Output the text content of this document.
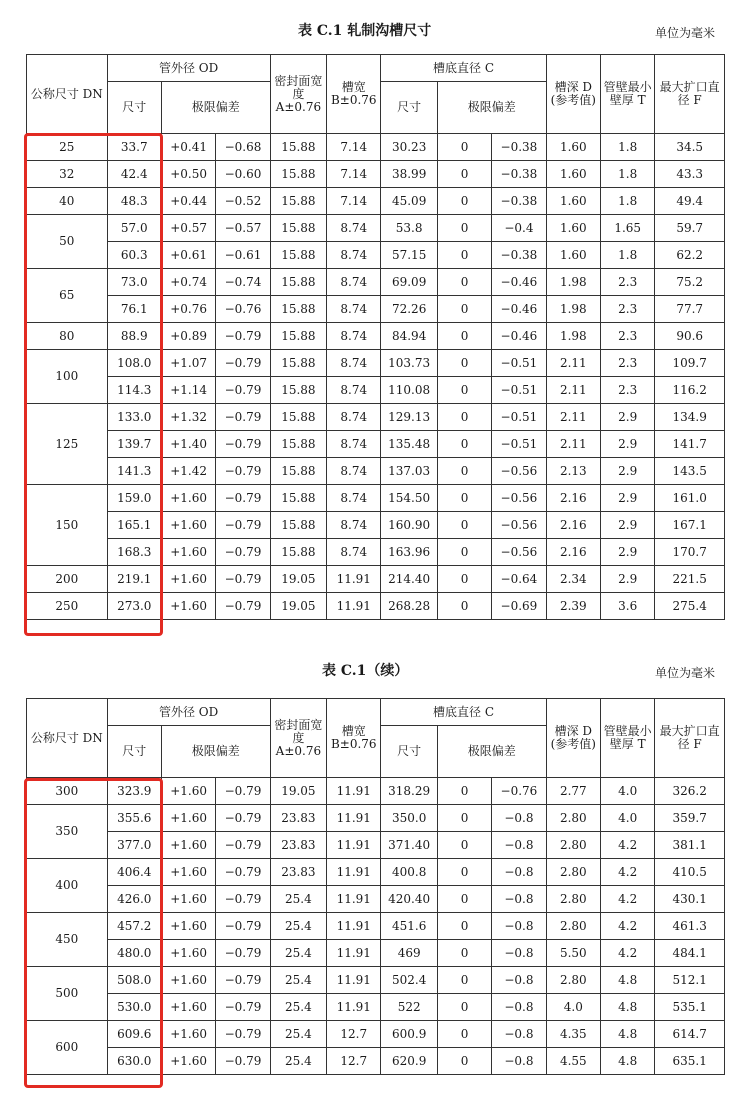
表 C.1 轧制沟槽尺寸	单位为毫米
公称尺寸 DN	管外径 OD			密封面宽度 A±0.76	槽宽 B±0.76	槽底直径 C			槽深 D (参考值)	管壁最小壁厚 T	最大扩口直径 F
	尺寸	极限偏差				尺寸	极限偏差				
25	33.7	+0.41	−0.68	15.88	7.14	30.23	0	−0.38	1.60	1.8	34.5
32	42.4	+0.50	−0.60	15.88	7.14	38.99	0	−0.38	1.60	1.8	43.3
40	48.3	+0.44	−0.52	15.88	7.14	45.09	0	−0.38	1.60	1.8	49.4
50	57.0	+0.57	−0.57	15.88	8.74	53.8	0	−0.4	1.60	1.65	59.7
	60.3	+0.61	−0.61	15.88	8.74	57.15	0	−0.38	1.60	1.8	62.2
65	73.0	+0.74	−0.74	15.88	8.74	69.09	0	−0.46	1.98	2.3	75.2
	76.1	+0.76	−0.76	15.88	8.74	72.26	0	−0.46	1.98	2.3	77.7
80	88.9	+0.89	−0.79	15.88	8.74	84.94	0	−0.46	1.98	2.3	90.6
100	108.0	+1.07	−0.79	15.88	8.74	103.73	0	−0.51	2.11	2.3	109.7
	114.3	+1.14	−0.79	15.88	8.74	110.08	0	−0.51	2.11	2.3	116.2
125	133.0	+1.32	−0.79	15.88	8.74	129.13	0	−0.51	2.11	2.9	134.9
	139.7	+1.40	−0.79	15.88	8.74	135.48	0	−0.51	2.11	2.9	141.7
	141.3	+1.42	−0.79	15.88	8.74	137.03	0	−0.56	2.13	2.9	143.5
150	159.0	+1.60	−0.79	15.88	8.74	154.50	0	−0.56	2.16	2.9	161.0
	165.1	+1.60	−0.79	15.88	8.74	160.90	0	−0.56	2.16	2.9	167.1
	168.3	+1.60	−0.79	15.88	8.74	163.96	0	−0.56	2.16	2.9	170.7
200	219.1	+1.60	−0.79	19.05	11.91	214.40	0	−0.64	2.34	2.9	221.5
250	273.0	+1.60	−0.79	19.05	11.91	268.28	0	−0.69	2.39	3.6	275.4
表 C.1（续）	单位为毫米
公称尺寸 DN	管外径 OD			密封面宽度 A±0.76	槽宽 B±0.76	槽底直径 C			槽深 D (参考值)	管壁最小壁厚 T	最大扩口直径 F
	尺寸	极限偏差				尺寸	极限偏差				
300	323.9	+1.60	−0.79	19.05	11.91	318.29	0	−0.76	2.77	4.0	326.2
350	355.6	+1.60	−0.79	23.83	11.91	350.0	0	−0.8	2.80	4.0	359.7
	377.0	+1.60	−0.79	23.83	11.91	371.40	0	−0.8	2.80	4.2	381.1
400	406.4	+1.60	−0.79	23.83	11.91	400.8	0	−0.8	2.80	4.2	410.5
	426.0	+1.60	−0.79	25.4	11.91	420.40	0	−0.8	2.80	4.2	430.1
450	457.2	+1.60	−0.79	25.4	11.91	451.6	0	−0.8	2.80	4.2	461.3
	480.0	+1.60	−0.79	25.4	11.91	469	0	−0.8	5.50	4.2	484.1
500	508.0	+1.60	−0.79	25.4	11.91	502.4	0	−0.8	2.80	4.8	512.1
	530.0	+1.60	−0.79	25.4	11.91	522	0	−0.8	4.0	4.8	535.1
600	609.6	+1.60	−0.79	25.4	12.7	600.9	0	−0.8	4.35	4.8	614.7
	630.0	+1.60	−0.79	25.4	12.7	620.9	0	−0.8	4.55	4.8	635.1
